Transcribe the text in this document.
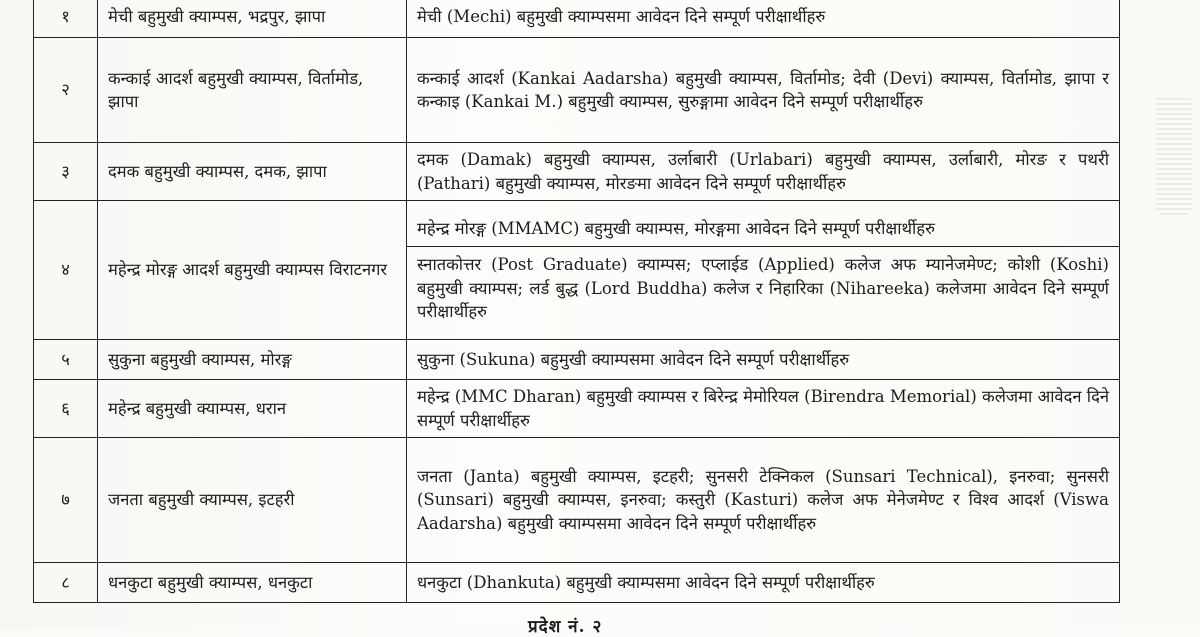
१	मेची बहुमुखी क्याम्पस, भद्रपुर, झापा	मेची (Mechi) बहुमुखी क्याम्पसमा आवेदन दिने सम्पूर्ण परीक्षार्थीहरु

२	कन्काई आदर्श बहुमुखी क्याम्पस, विर्तामोड, झापा	कन्काई आदर्श (Kankai Aadarsha) बहुमुखी क्याम्पस, विर्तामोड; देवी (Devi) क्याम्पस, विर्तामोड, झापा र कन्काइ (Kankai M.) बहुमुखी क्याम्पस, सुरुङ्गामा आवेदन दिने सम्पूर्ण परीक्षार्थीहरु

३	दमक बहुमुखी क्याम्पस, दमक, झापा	दमक (Damak) बहुमुखी क्याम्पस, उर्लाबारी (Urlabari) बहुमुखी क्याम्पस, उर्लाबारी, मोरङ र पथरी (Pathari) बहुमुखी क्याम्पस, मोरङमा आवेदन दिने सम्पूर्ण परीक्षार्थीहरु

४	महेन्द्र मोरङ्ग आदर्श बहुमुखी क्याम्पस विराटनगर	महेन्द्र मोरङ्ग (MMAMC) बहुमुखी क्याम्पस, मोरङ्गमा आवेदन दिने सम्पूर्ण परीक्षार्थीहरु
स्नातकोत्तर (Post Graduate) क्याम्पस; एप्लाईड (Applied) कलेज अफ म्यानेजमेण्ट; कोशी (Koshi) बहुमुखी क्याम्पस; लर्ड बुद्ध (Lord Buddha) कलेज र निहारिका (Nihareeka) कलेजमा आवेदन दिने सम्पूर्ण परीक्षार्थीहरु

५	सुकुना बहुमुखी क्याम्पस, मोरङ्ग	सुकुना (Sukuna) बहुमुखी क्याम्पसमा आवेदन दिने सम्पूर्ण परीक्षार्थीहरु

६	महेन्द्र बहुमुखी क्याम्पस, धरान	महेन्द्र (MMC Dharan) बहुमुखी क्याम्पस र बिरेन्द्र मेमोरियल (Birendra Memorial) कलेजमा आवेदन दिने सम्पूर्ण परीक्षार्थीहरु

७	जनता बहुमुखी क्याम्पस, इटहरी	जनता (Janta) बहुमुखी क्याम्पस, इटहरी; सुनसरी टेक्निकल (Sunsari Technical), इनरुवा; सुनसरी (Sunsari) बहुमुखी क्याम्पस, इनरुवा; कस्तुरी (Kasturi) कलेज अफ मेनेजमेण्ट र विश्व आदर्श (Viswa Aadarsha) बहुमुखी क्याम्पसमा आवेदन दिने सम्पूर्ण परीक्षार्थीहरु

८	धनकुटा बहुमुखी क्याम्पस, धनकुटा	धनकुटा (Dhankuta) बहुमुखी क्याम्पसमा आवेदन दिने सम्पूर्ण परीक्षार्थीहरु
प्रदेश नं. २
